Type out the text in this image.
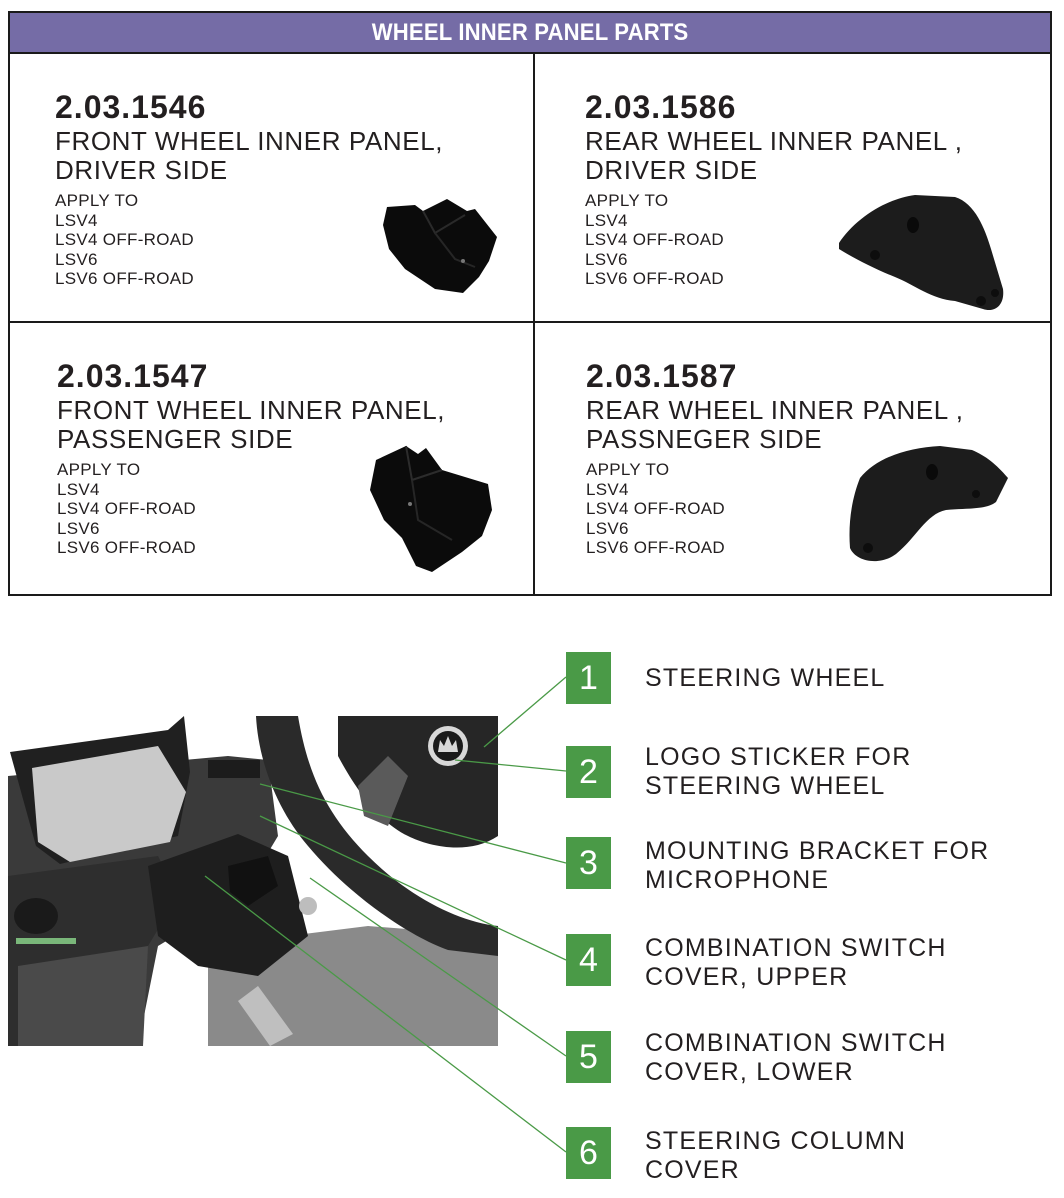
WHEEL INNER PANEL PARTS
2.03.1546
FRONT WHEEL INNER PANEL,
DRIVER SIDE
APPLY TO
LSV4
LSV4 OFF-ROAD
LSV6
LSV6 OFF-ROAD
2.03.1586
REAR WHEEL INNER PANEL ,
DRIVER SIDE
APPLY TO
LSV4
LSV4 OFF-ROAD
LSV6
LSV6 OFF-ROAD
2.03.1547
FRONT WHEEL INNER PANEL,
PASSENGER SIDE
APPLY TO
LSV4
LSV4 OFF-ROAD
LSV6
LSV6 OFF-ROAD
2.03.1587
REAR WHEEL INNER PANEL ,
PASSNEGER SIDE
APPLY TO
LSV4
LSV4 OFF-ROAD
LSV6
LSV6 OFF-ROAD
1	STEERING WHEEL
2	LOGO STICKER FOR
STEERING WHEEL
3	MOUNTING BRACKET FOR
MICROPHONE
4	COMBINATION SWITCH
COVER, UPPER
5	COMBINATION SWITCH
COVER, LOWER
6	STEERING COLUMN
COVER
